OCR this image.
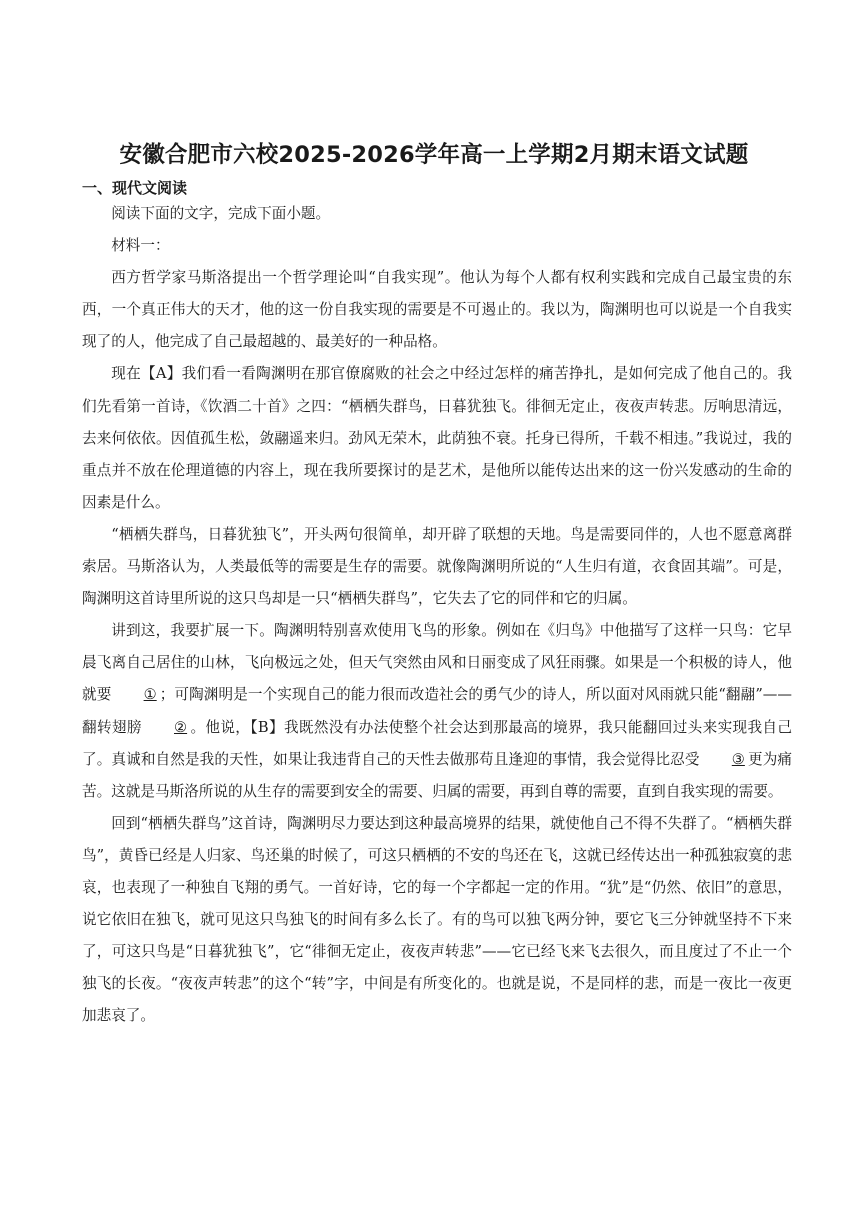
安徽合肥市六校2025-2026学年高一上学期2月期末语文试题
一、现代文阅读

阅读下面的文字，完成下面小题。

材料一：

西方哲学家马斯洛提出一个哲学理论叫“自我实现”。他认为每个人都有权利实践和完成自己最宝贵的东西，一个真正伟大的天才，他的这一份自我实现的需要是不可遏止的。我以为，陶渊明也可以说是一个自我实现了的人，他完成了自己最超越的、最美好的一种品格。

现在【A】我们看一看陶渊明在那官僚腐败的社会之中经过怎样的痛苦挣扎，是如何完成了他自己的。我们先看第一首诗，《饮酒二十首》之四：“栖栖失群鸟，日暮犹独飞。徘徊无定止，夜夜声转悲。厉响思清远，去来何依依。因值孤生松，敛翮遥来归。劲风无荣木，此荫独不衰。托身已得所，千载不相违。”我说过，我的重点并不放在伦理道德的内容上，现在我所要探讨的是艺术，是他所以能传达出来的这一份兴发感动的生命的因素是什么。

“栖栖失群鸟，日暮犹独飞”，开头两句很简单，却开辟了联想的天地。鸟是需要同伴的，人也不愿意离群索居。马斯洛认为，人类最低等的需要是生存的需要。就像陶渊明所说的“人生归有道，衣食固其端”。可是，陶渊明这首诗里所说的这只鸟却是一只“栖栖失群鸟”，它失去了它的同伴和它的归属。

讲到这，我要扩展一下。陶渊明特别喜欢使用飞鸟的形象。例如在《归鸟》中他描写了这样一只鸟：它早晨飞离自己居住的山林，飞向极远之处，但天气突然由风和日丽变成了风狂雨骤。如果是一个积极的诗人，他就要 ① ；可陶渊明是一个实现自己的能力很而改造社会的勇气少的诗人，所以面对风雨就只能“翻翮”——翻转翅膀 ② 。他说，【B】我既然没有办法使整个社会达到那最高的境界，我只能翻回过头来实现我自己了。真诚和自然是我的天性，如果让我违背自己的天性去做那苟且逢迎的事情，我会觉得比忍受 ③ 更为痛苦。这就是马斯洛所说的从生存的需要到安全的需要、归属的需要，再到自尊的需要，直到自我实现的需要。

回到“栖栖失群鸟”这首诗，陶渊明尽力要达到这种最高境界的结果，就使他自己不得不失群了。“栖栖失群鸟”，黄昏已经是人归家、鸟还巢的时候了，可这只栖栖的不安的鸟还在飞，这就已经传达出一种孤独寂寞的悲哀，也表现了一种独自飞翔的勇气。一首好诗，它的每一个字都起一定的作用。“犹”是“仍然、依旧”的意思，说它依旧在独飞，就可见这只鸟独飞的时间有多么长了。有的鸟可以独飞两分钟，要它飞三分钟就坚持不下来了，可这只鸟是“日暮犹独飞”，它“徘徊无定止，夜夜声转悲”——它已经飞来飞去很久，而且度过了不止一个独飞的长夜。“夜夜声转悲”的这个“转”字，中间是有所变化的。也就是说，不是同样的悲，而是一夜比一夜更加悲哀了。
